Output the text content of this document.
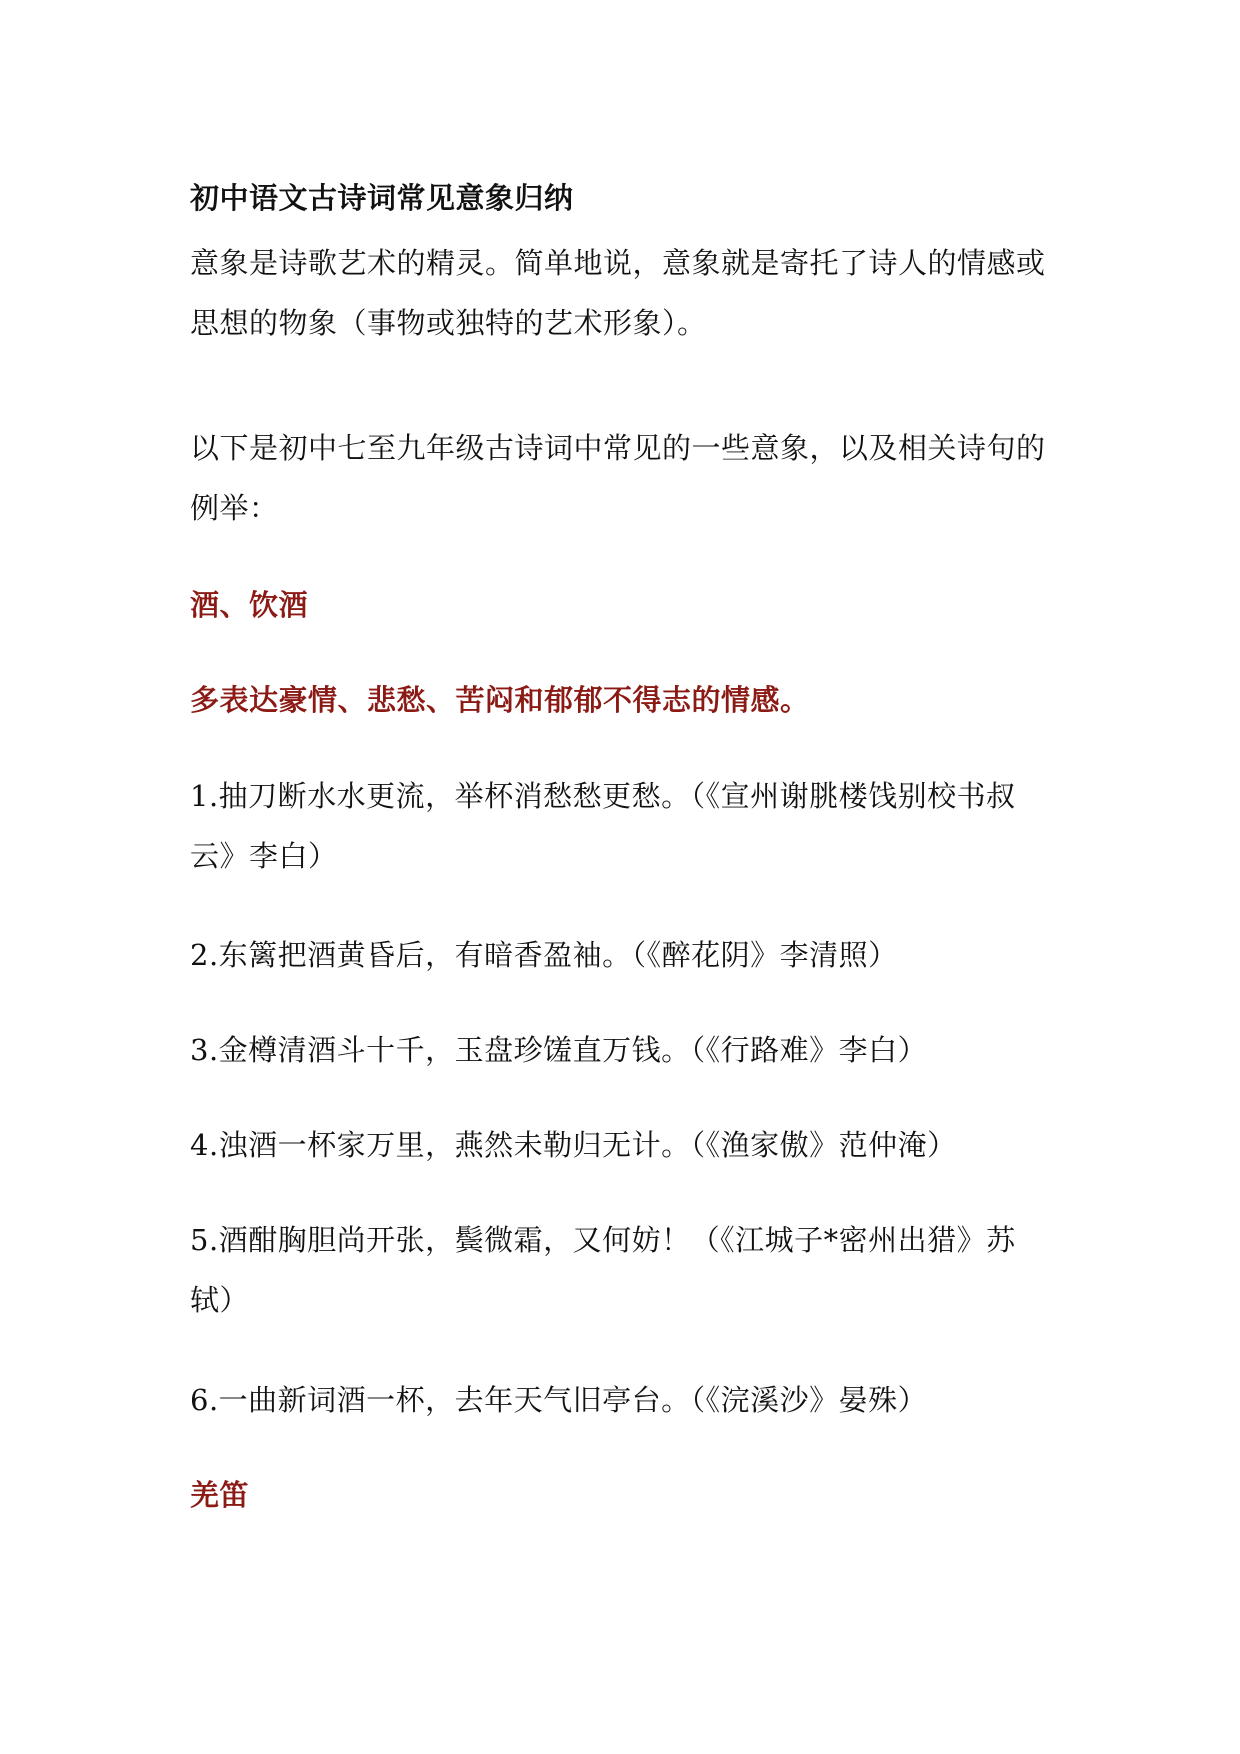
初中语文古诗词常见意象归纳
意象是诗歌艺术的精灵。简单地说，意象就是寄托了诗人的情感或
思想的物象（事物或独特的艺术形象）。
以下是初中七至九年级古诗词中常见的一些意象，以及相关诗句的
例举：
酒、饮酒
多表达豪情、悲愁、苦闷和郁郁不得志的情感。
1.抽刀断水水更流，举杯消愁愁更愁。（《宣州谢朓楼饯别校书叔
云》李白）
2.东篱把酒黄昏后，有暗香盈袖。（《醉花阴》李清照）
3.金樽清酒斗十千，玉盘珍馐直万钱。（《行路难》李白）
4.浊酒一杯家万里，燕然未勒归无计。（《渔家傲》范仲淹）
5.酒酣胸胆尚开张，鬓微霜，又何妨！（《江城子*密州出猎》苏
轼）
6.一曲新词酒一杯，去年天气旧亭台。（《浣溪沙》晏殊）
羌笛
